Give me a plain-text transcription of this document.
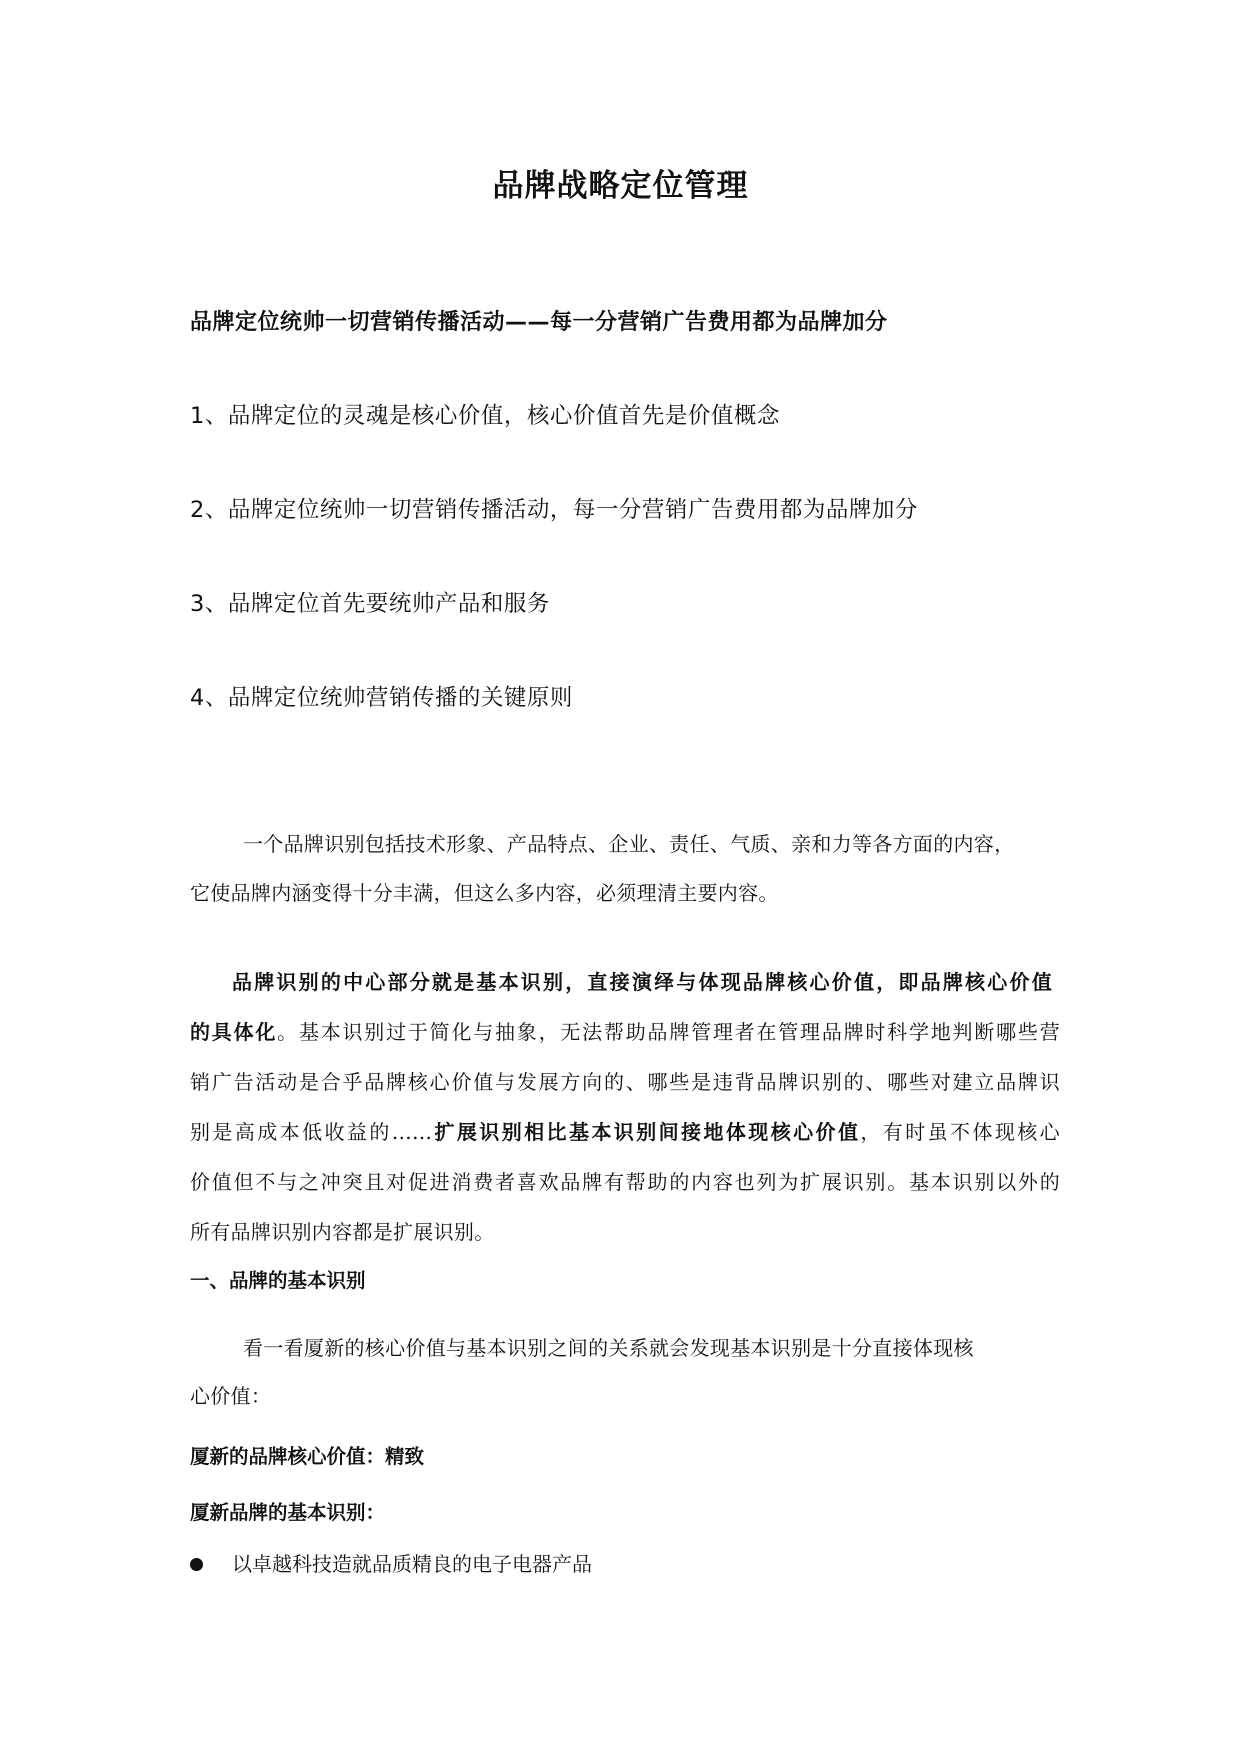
品牌战略定位管理
品牌定位统帅一切营销传播活动——每一分营销广告费用都为品牌加分
1、品牌定位的灵魂是核心价值，核心价值首先是价值概念
2、品牌定位统帅一切营销传播活动，每一分营销广告费用都为品牌加分
3、品牌定位首先要统帅产品和服务
4、品牌定位统帅营销传播的关键原则
一个品牌识别包括技术形象、产品特点、企业、责任、气质、亲和力等各方面的内容，
它使品牌内涵变得十分丰满，但这么多内容，必须理清主要内容。
品牌识别的中心部分就是基本识别，直接演绎与体现品牌核心价值，即品牌核心价值
的具体化。基本识别过于简化与抽象，无法帮助品牌管理者在管理品牌时科学地判断哪些营
销广告活动是合乎品牌核心价值与发展方向的、哪些是违背品牌识别的、哪些对建立品牌识
别是高成本低收益的……扩展识别相比基本识别间接地体现核心价值，有时虽不体现核心
价值但不与之冲突且对促进消费者喜欢品牌有帮助的内容也列为扩展识别。基本识别以外的
所有品牌识别内容都是扩展识别。
一、品牌的基本识别
看一看厦新的核心价值与基本识别之间的关系就会发现基本识别是十分直接体现核
心价值：
厦新的品牌核心价值：精致
厦新品牌的基本识别：
以卓越科技造就品质精良的电子电器产品
